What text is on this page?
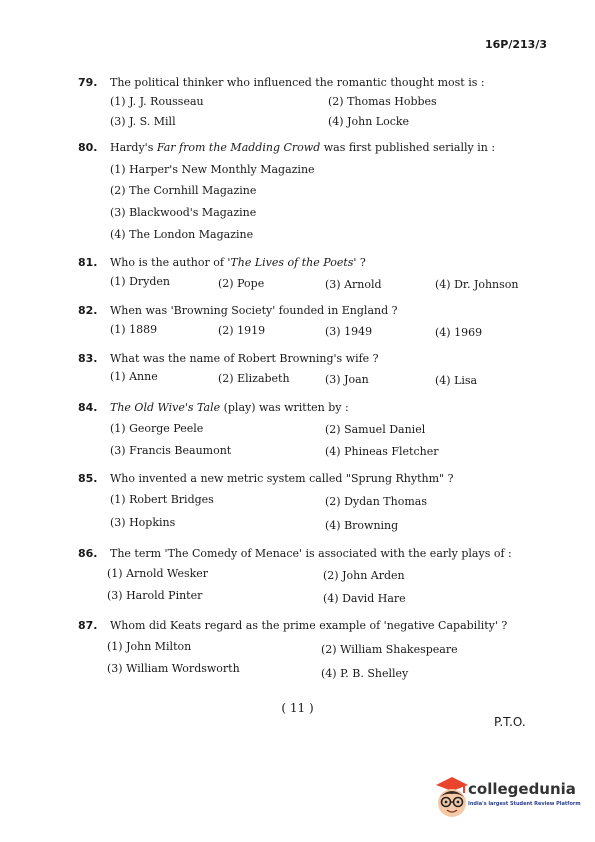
16P/213/3
79. The political thinker who influenced the romantic thought most is :
(1) J. J. Rousseau	(2) Thomas Hobbes
(3) J. S. Mill	(4) John Locke
80. Hardy's Far from the Madding Crowd was first published serially in :
(1) Harper's New Monthly Magazine
(2) The Cornhill Magazine
(3) Blackwood's Magazine
(4) The London Magazine
81. Who is the author of 'The Lives of the Poets' ?
(1) Dryden	(2) Pope	(3) Arnold	(4) Dr. Johnson
82. When was 'Browning Society' founded in England ?
(1) 1889	(2) 1919	(3) 1949	(4) 1969
83. What was the name of Robert Browning's wife ?
(1) Anne	(2) Elizabeth	(3) Joan	(4) Lisa
84. The Old Wive's Tale (play) was written by :
(1) George Peele	(2) Samuel Daniel
(3) Francis Beaumont	(4) Phineas Fletcher
85. Who invented a new metric system called "Sprung Rhythm" ?
(1) Robert Bridges	(2) Dydan Thomas
(3) Hopkins	(4) Browning
86. The term 'The Comedy of Menace' is associated with the early plays of :
(1) Arnold Wesker	(2) John Arden
(3) Harold Pinter	(4) David Hare
87. Whom did Keats regard as the prime example of 'negative Capability' ?
(1) John Milton	(2) William Shakespeare
(3) William Wordsworth	(4) P. B. Shelley
( 11 )
P.T.O.
collegedunia
India's largest Student Review Platform
